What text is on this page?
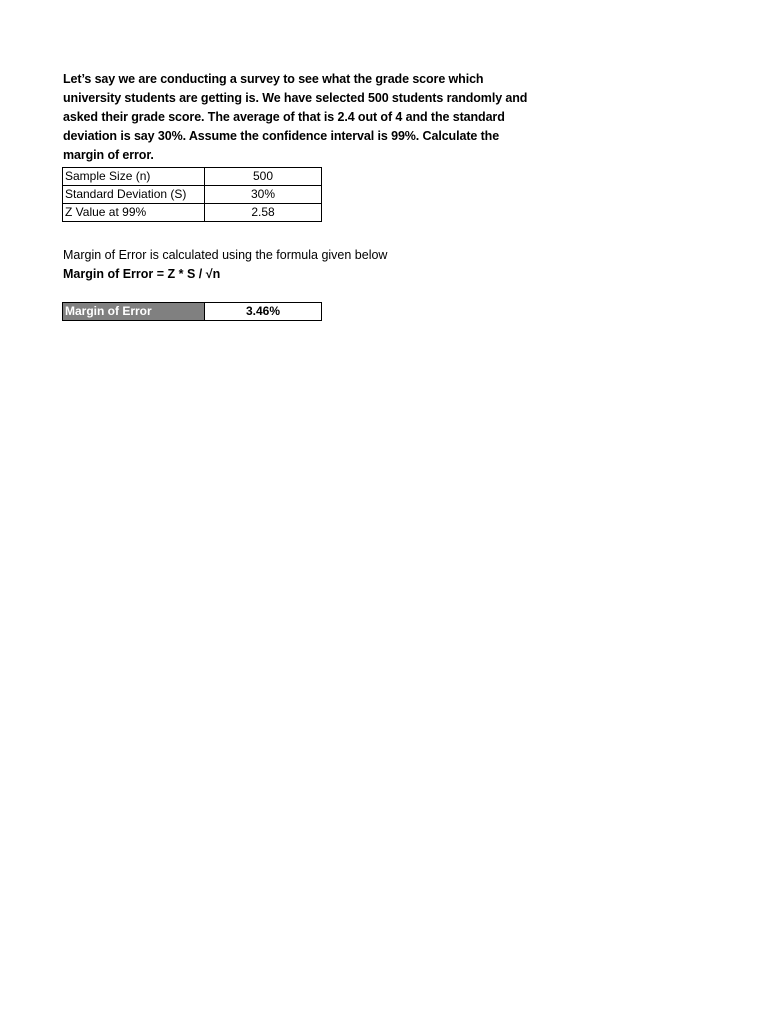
Let’s say we are conducting a survey to see what the grade score which university students are getting is. We have selected 500 students randomly and asked their grade score. The average of that is 2.4 out of 4 and the standard deviation is say 30%. Assume the confidence interval is 99%. Calculate the margin of error.

Sample Size (n)	500
Standard Deviation (S)	30%
Z Value at 99%	2.58
Margin of Error is calculated using the formula given below
Margin of Error = Z * S / √n
Margin of Error	3.46%
